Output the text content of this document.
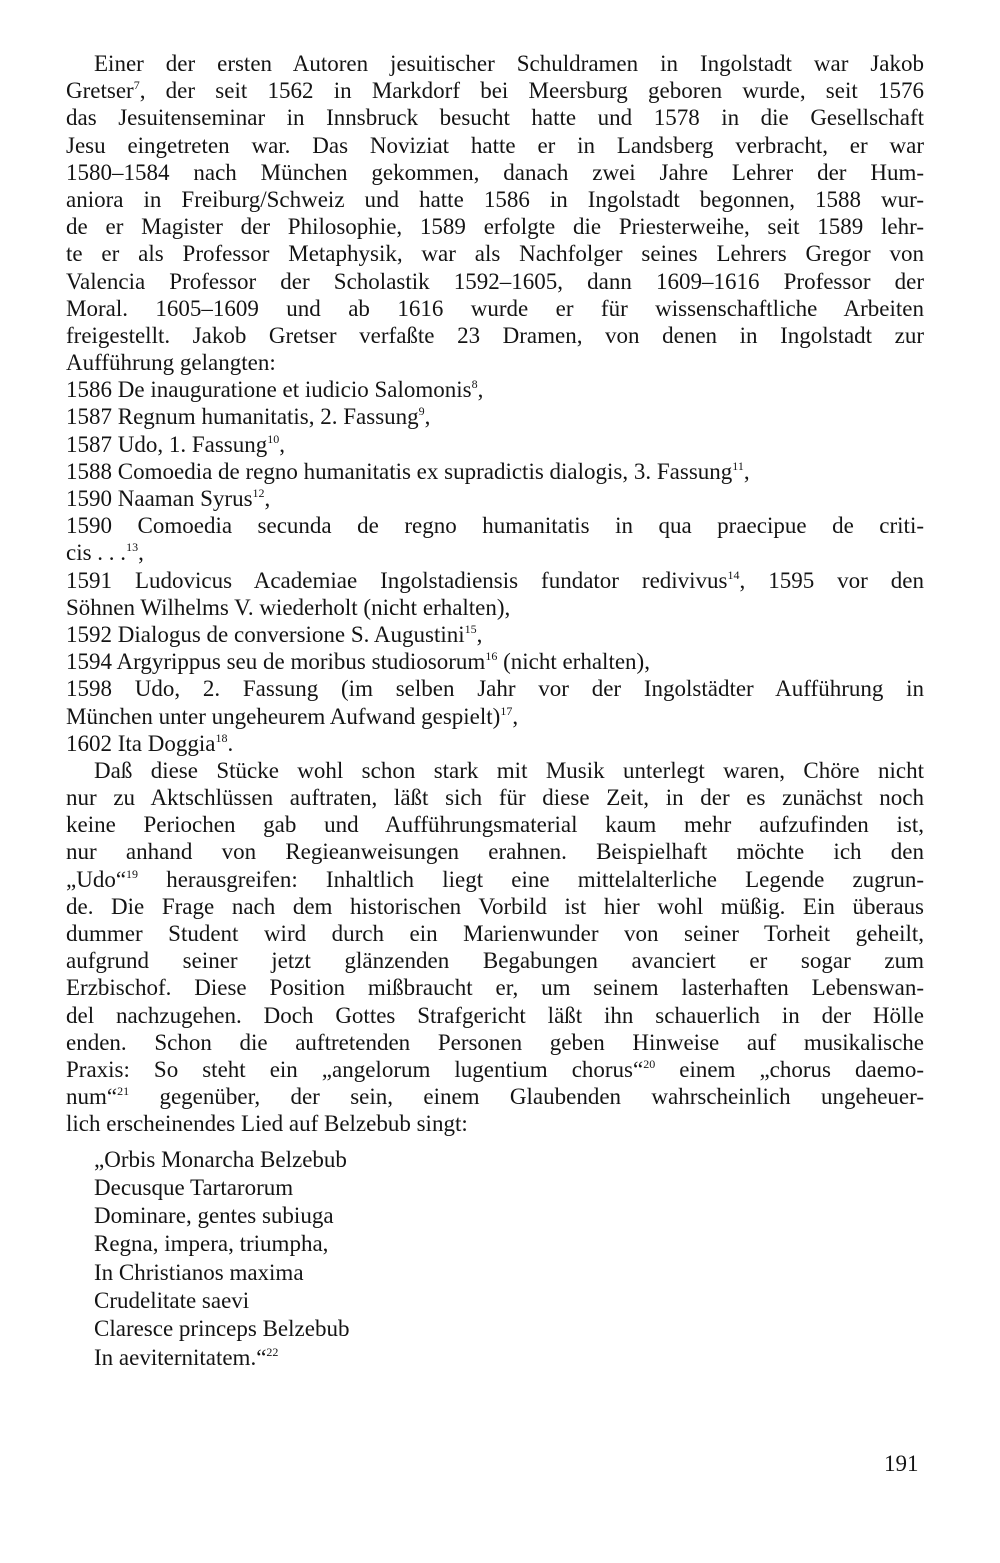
Einer der ersten Autoren jesuitischer Schuldramen in Ingolstadt war Jakob
Gretser$^7$, der seit 1562 in Markdorf bei Meersburg geboren wurde, seit 1576
das Jesuitenseminar in Innsbruck besucht hatte und 1578 in die Gesellschaft
Jesu eingetreten war. Das Noviziat hatte er in Landsberg verbracht, er war
1580–1584 nach München gekommen, danach zwei Jahre Lehrer der Hum-
aniora in Freiburg/Schweiz und hatte 1586 in Ingolstadt begonnen, 1588 wur-
de er Magister der Philosophie, 1589 erfolgte die Priesterweihe, seit 1589 lehr-
te er als Professor Metaphysik, war als Nachfolger seines Lehrers Gregor von
Valencia Professor der Scholastik 1592–1605, dann 1609–1616 Professor der
Moral. 1605–1609 und ab 1616 wurde er für wissenschaftliche Arbeiten
freigestellt. Jakob Gretser verfaßte 23 Dramen, von denen in Ingolstadt zur
Aufführung gelangten:
1586 De inauguratione et iudicio Salomonis$^8$,
1587 Regnum humanitatis, 2. Fassung$^9$,
1587 Udo, 1. Fassung$^{10}$,
1588 Comoedia de regno humanitatis ex supradictis dialogis, 3. Fassung$^{11}$,
1590 Naaman Syrus$^{12}$,
1590 Comoedia secunda de regno humanitatis in qua praecipue de criti-
cis . . .$^{13}$,
1591 Ludovicus Academiae Ingolstadiensis fundator redivivus$^{14}$, 1595 vor den
Söhnen Wilhelms V. wiederholt (nicht erhalten),
1592 Dialogus de conversione S. Augustini$^{15}$,
1594 Argyrippus seu de moribus studiosorum$^{16}$ (nicht erhalten),
1598 Udo, 2. Fassung (im selben Jahr vor der Ingolstädter Aufführung in
München unter ungeheurem Aufwand gespielt)$^{17}$,
1602 Ita Doggia$^{18}$.
Daß diese Stücke wohl schon stark mit Musik unterlegt waren, Chöre nicht
nur zu Aktschlüssen auftraten, läßt sich für diese Zeit, in der es zunächst noch
keine Periochen gab und Aufführungsmaterial kaum mehr aufzufinden ist,
nur anhand von Regieanweisungen erahnen. Beispielhaft möchte ich den
„Udo“$^{19}$ herausgreifen: Inhaltlich liegt eine mittelalterliche Legende zugrun-
de. Die Frage nach dem historischen Vorbild ist hier wohl müßig. Ein überaus
dummer Student wird durch ein Marienwunder von seiner Torheit geheilt,
aufgrund seiner jetzt glänzenden Begabungen avanciert er sogar zum
Erzbischof. Diese Position mißbraucht er, um seinem lasterhaften Lebenswan-
del nachzugehen. Doch Gottes Strafgericht läßt ihn schauerlich in der Hölle
enden. Schon die auftretenden Personen geben Hinweise auf musikalische
Praxis: So steht ein „angelorum lugentium chorus“$^{20}$ einem „chorus daemo-
num“$^{21}$ gegenüber, der sein, einem Glaubenden wahrscheinlich ungeheuer-
lich erscheinendes Lied auf Belzebub singt:
„Orbis Monarcha Belzebub
Decusque Tartarorum
Dominare, gentes subiuga
Regna, impera, triumpha,
In Christianos maxima
Crudelitate saevi
Claresce princeps Belzebub
In aeviternitatem.“$^{22}$
191
